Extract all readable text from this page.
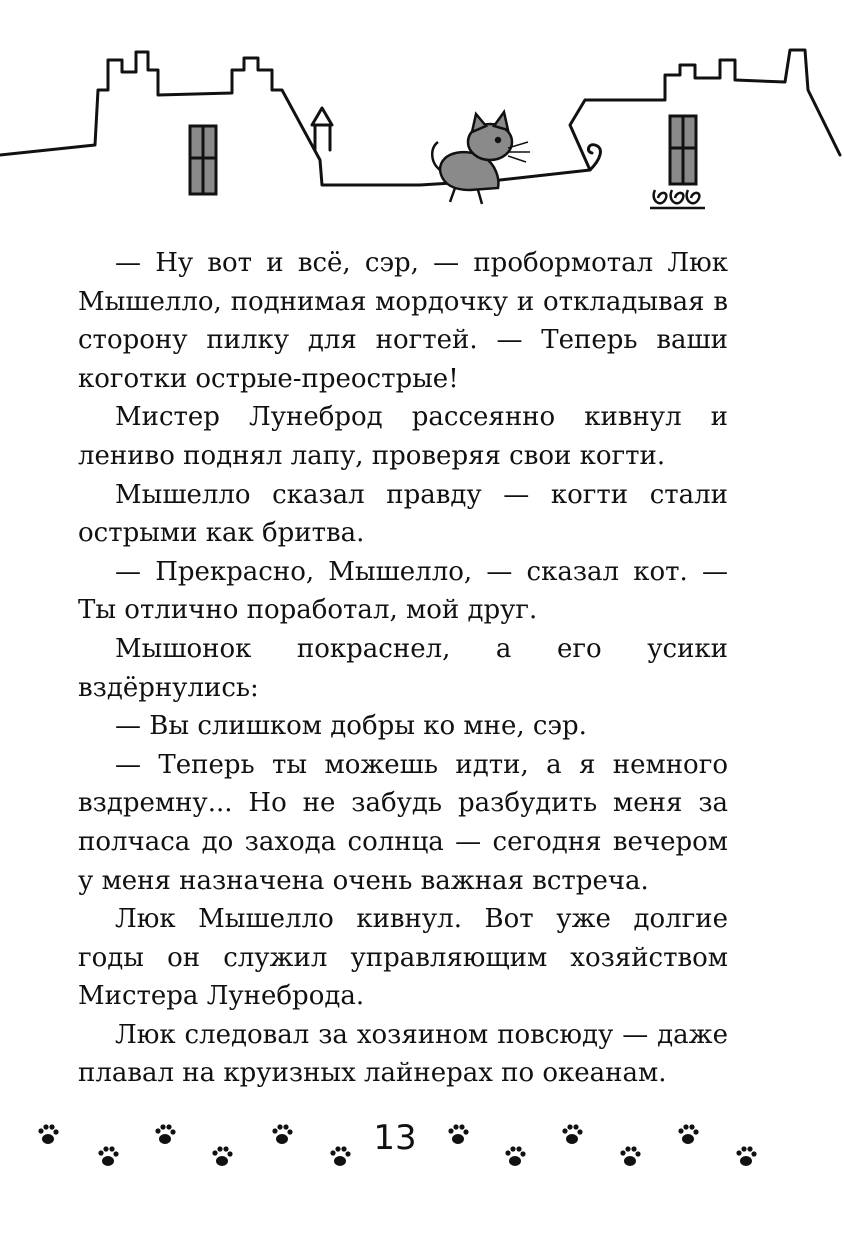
— Ну вот и всё, сэр, — пробормотал Люк Мышелло, поднимая мордочку и откладывая в сторону пилку для ногтей. — Теперь ваши коготки острые-преострые!

Мистер Лунеброд рассеянно кивнул и лениво поднял лапу, проверяя свои когти.

Мышелло сказал правду — когти стали острыми как бритва.

— Прекрасно, Мышелло, — сказал кот. — Ты отлично поработал, мой друг.

Мышонок покраснел, а его усики вздёрнулись:

— Вы слишком добры ко мне, сэр.

— Теперь ты можешь идти, а я немного вздремну... Но не забудь разбудить меня за полчаса до захода солнца — сегодня вечером у меня назначена очень важная встреча.

Люк Мышелло кивнул. Вот уже долгие годы он служил управляющим хозяйством Мистера Лунеброда.

Люк следовал за хозяином повсюду — даже плавал на круизных лайнерах по океанам.

13
